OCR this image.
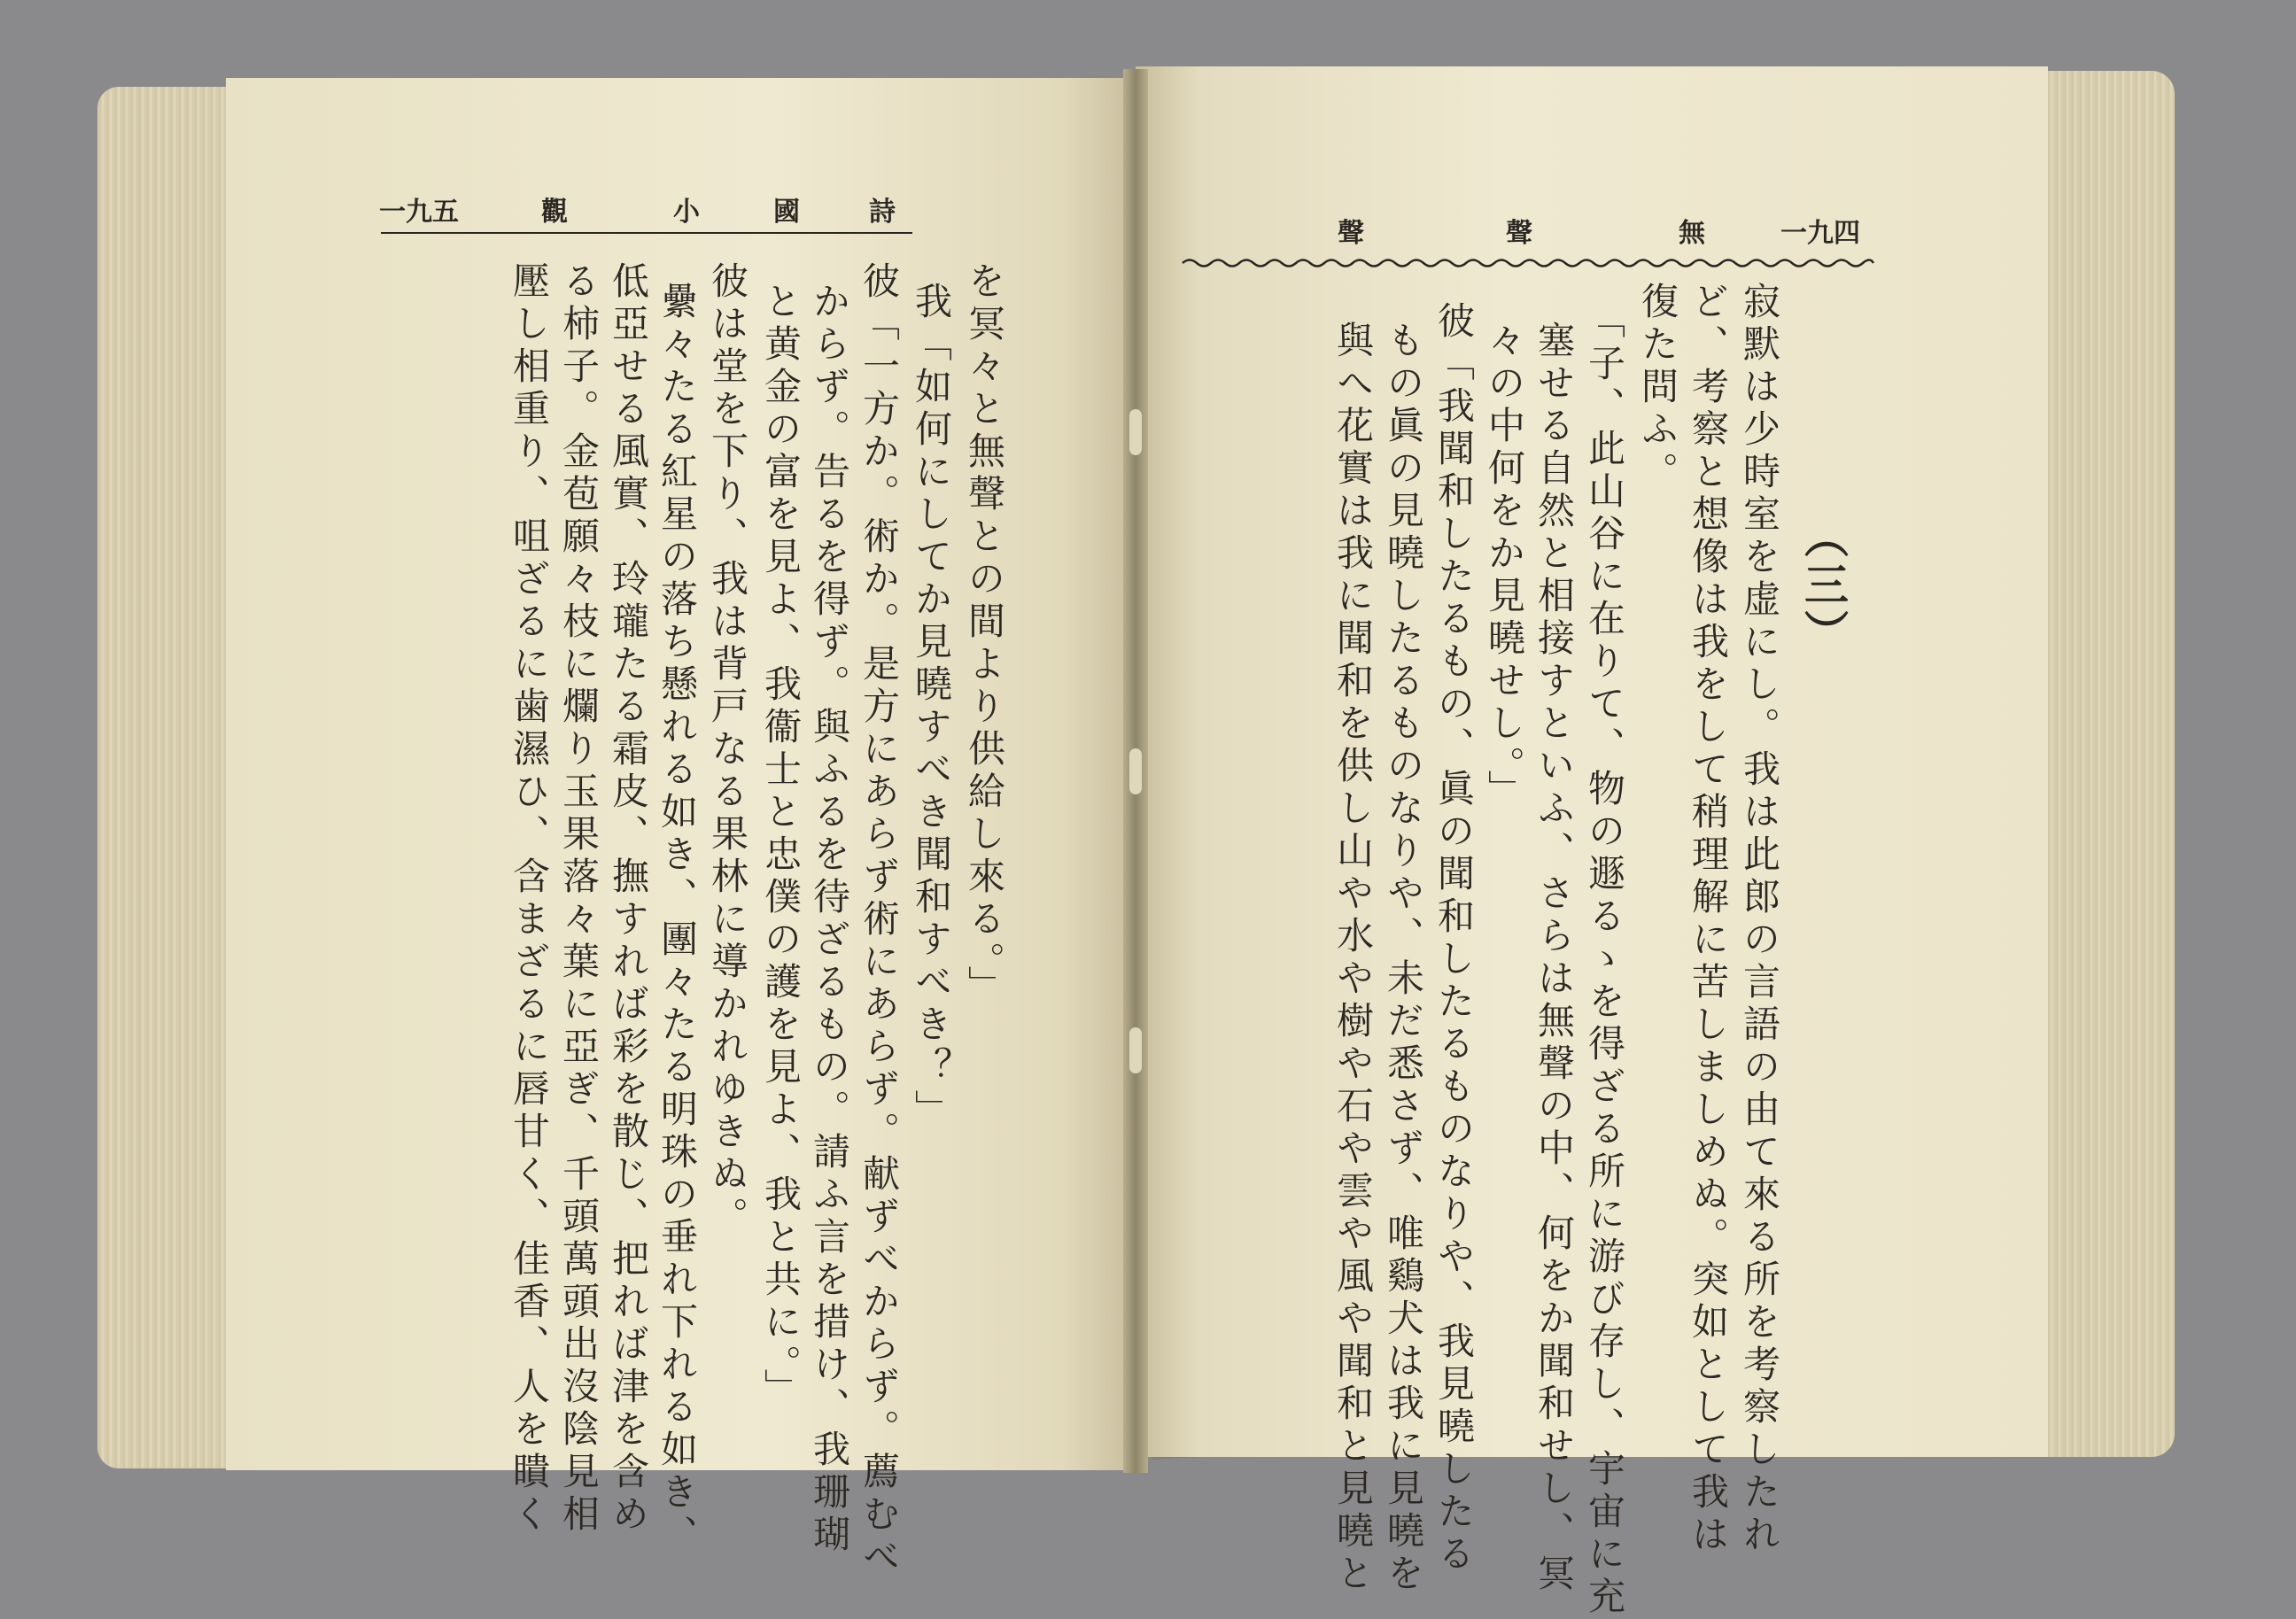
一九五	觀	小	國	詩
聲	聲	無	一九四
を冥々と無聲との間より供給し來る。」
我「如何にしてか見曉すべき聞和すべき？」
彼「一方か。術か。是方にあらず術にあらず。献ずべからず。薦むべ
からず。告るを得ず。與ふるを待ざるもの。請ふ言を措け、我珊瑚
と黄金の富を見よ、我衞士と忠僕の護を見よ、我と共に。」
彼は堂を下り、我は背戸なる果林に導かれゆきぬ。
纍々たる紅星の落ち懸れる如き、團々たる明珠の垂れ下れる如き、
低亞せる風實、玲瓏たる霜皮、撫すれば彩を散じ、把れば津を含め
る柿子。金苞願々枝に爛り玉果落々葉に亞ぎ、千頭萬頭出沒陰見相
壓し相重り、咀ざるに歯濕ひ、含まざるに唇甘く、佳香、人を瞶く	寂默は少時室を虚にし。我は此郎の言語の由て來る所を考察したれ
ど、考察と想像は我をして稍理解に苦しましめぬ。突如として我は
復た問ふ。
（三）
「子、此山谷に在りて、物の遯るゝを得ざる所に游び存し、宇宙に充
塞せる自然と相接すといふ、さらは無聲の中、何をか聞和せし、冥
々の中何をか見曉せし。」
彼「我聞和したるもの、眞の聞和したるものなりや、我見曉したる
もの眞の見曉したるものなりや、未だ悉さず、唯鷄犬は我に見曉を
與へ花實は我に聞和を供し山や水や樹や石や雲や風や聞和と見曉と
